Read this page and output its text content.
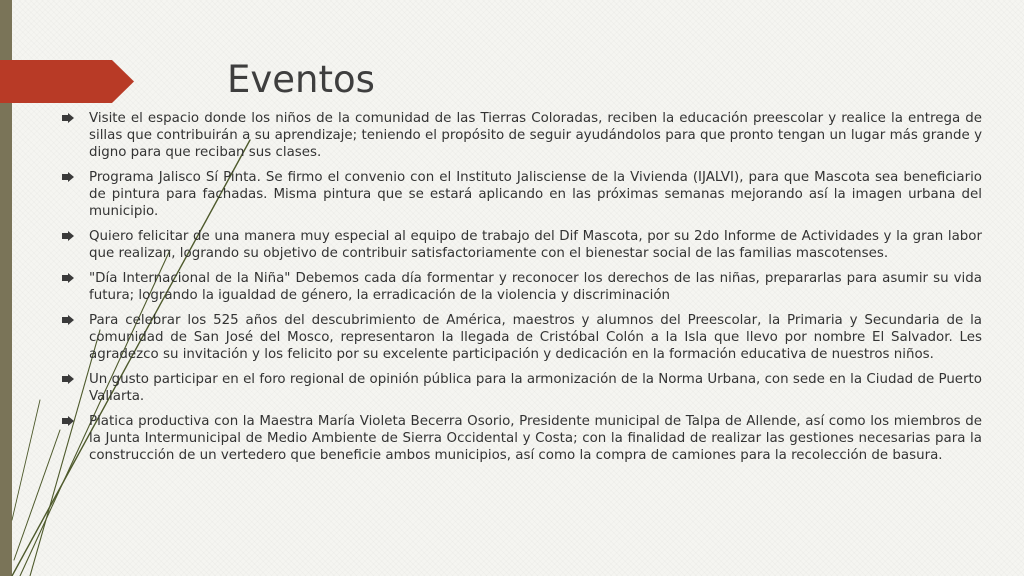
Eventos
Visite el espacio donde los niños de la comunidad de las Tierras Coloradas, reciben la educación preescolar y realice la entrega de sillas que contribuirán a su aprendizaje; teniendo el propósito de seguir ayudándolos para que pronto tengan un lugar más grande y digno para que reciban sus clases.
Programa Jalisco Sí Pinta. Se firmo el convenio con el Instituto Jalisciense de la Vivienda (IJALVI), para que Mascota sea beneficiario de pintura para fachadas. Misma pintura que se estará aplicando en las próximas semanas mejorando así la imagen urbana del municipio.
Quiero felicitar de una manera muy especial al equipo de trabajo del Dif Mascota, por su 2do Informe de Actividades y la gran labor que realizan, logrando su objetivo de contribuir satisfactoriamente con el bienestar social de las familias mascotenses.
"Día Internacional de la Niña" Debemos cada día formentar y reconocer los derechos de las niñas, prepararlas para asumir su vida futura; logrando la igualdad de género, la erradicación de la violencia y discriminación
Para celebrar los 525 años del descubrimiento de América, maestros y alumnos del Preescolar, la Primaria y Secundaria de la comunidad de San José del Mosco, representaron la llegada de Cristóbal Colón a la Isla que llevo por nombre El Salvador. Les agradezco su invitación y los felicito por su excelente participación y dedicación en la formación educativa de nuestros niños.
Un gusto participar en el foro regional de opinión pública para la armonización de la Norma Urbana, con sede en la Ciudad de Puerto Vallarta.
Platica productiva con la Maestra María Violeta Becerra Osorio, Presidente municipal de Talpa de Allende, así como los miembros de la Junta Intermunicipal de Medio Ambiente de Sierra Occidental y Costa; con la finalidad de realizar las gestiones necesarias para la construcción de un vertedero que beneficie ambos municipios, así como la compra de camiones para la recolección de basura.
